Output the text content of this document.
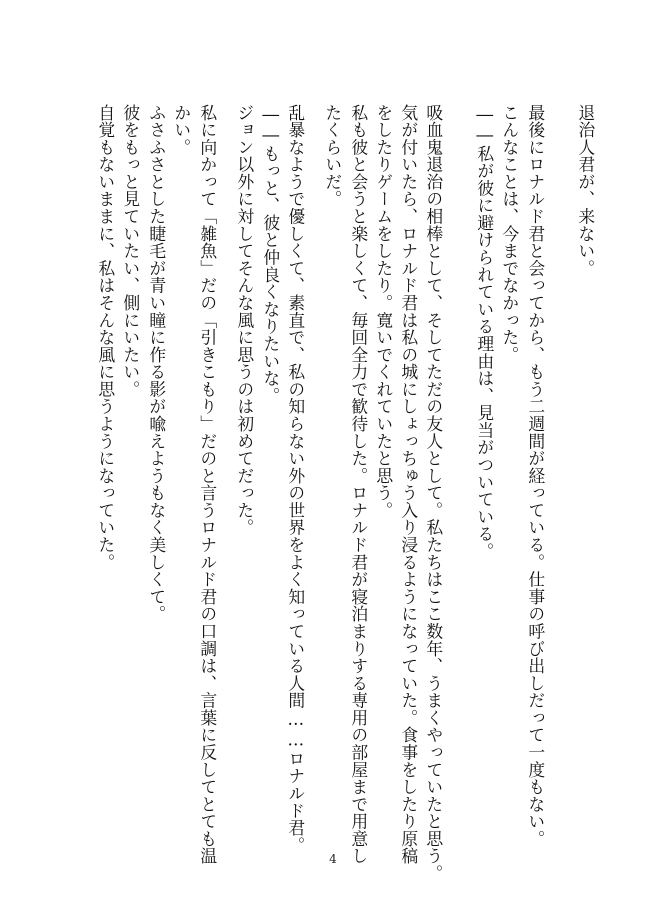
退治人君が、来ない。
最後にロナルド君と会ってから、もう二週間が経っている。仕事の呼び出しだって一度もない。
こんなことは、今までなかった。
――私が彼に避けられている理由は、見当がついている。
吸血鬼退治の相棒として、そしてただの友人として。私たちはここ数年、うまくやっていたと思う。
気が付いたら、ロナルド君は私の城にしょっちゅう入り浸るようになっていた。食事をしたり原稿
をしたりゲームをしたり。寛いでくれていたと思う。
私も彼と会うと楽しくて、毎回全力で歓待した。ロナルド君が寝泊まりする専用の部屋まで用意し
たくらいだ。
乱暴なようで優しくて、素直で、私の知らない外の世界をよく知っている人間……ロナルド君。
――もっと、彼と仲良くなりたいな。
ジョン以外に対してそんな風に思うのは初めてだった。
私に向かって「雑魚」だの「引きこもり」だのと言うロナルド君の口調は、言葉に反してとても温
かい。
ふさふさとした睫毛が青い瞳に作る影が喩えようもなく美しくて。
彼をもっと見ていたい、側にいたい。
自覚もないままに、私はそんな風に思うようになっていた。
4
